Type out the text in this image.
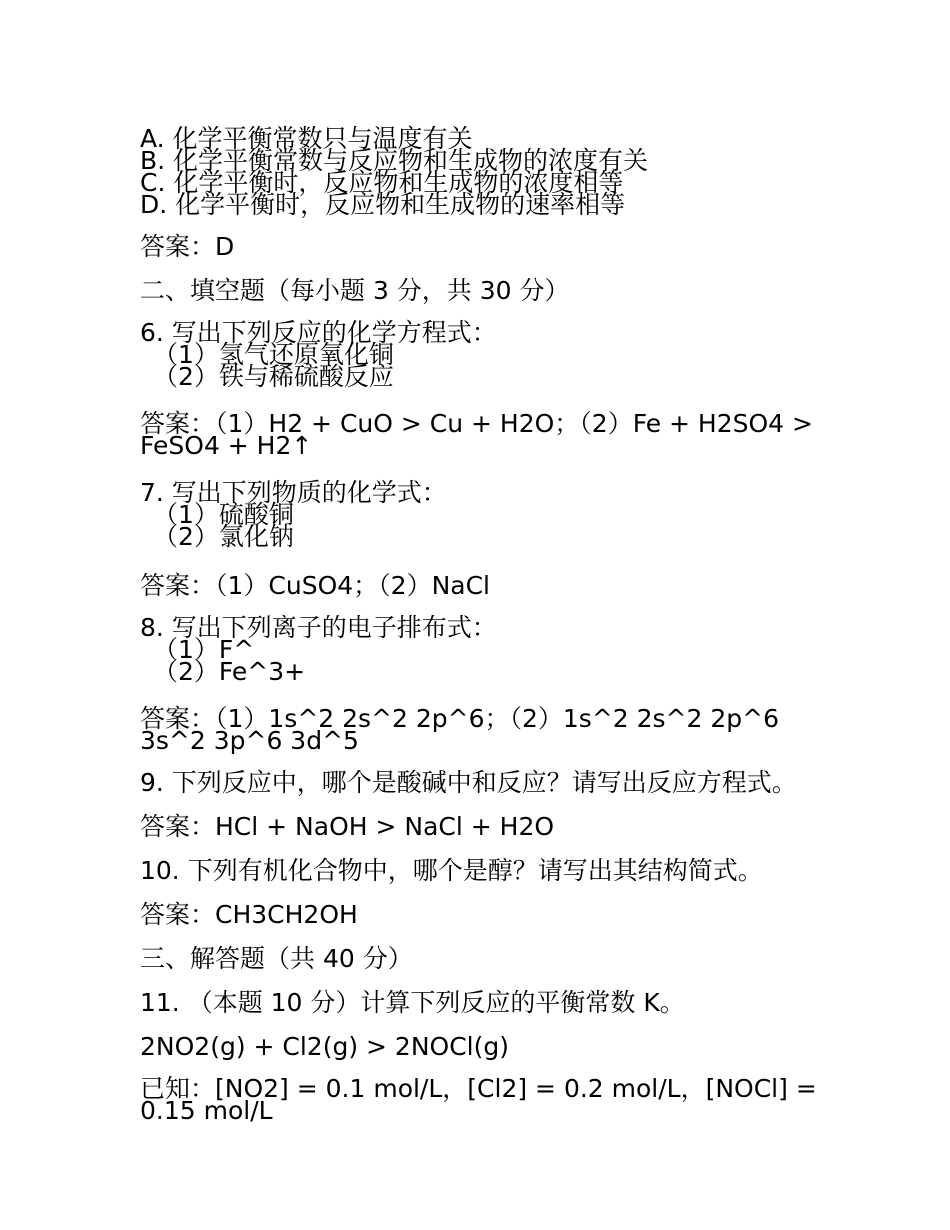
A. 化学平衡常数只与温度有关
B. 化学平衡常数与反应物和生成物的浓度有关
C. 化学平衡时，反应物和生成物的浓度相等
D. 化学平衡时，反应物和生成物的速率相等

答案：D

二、填空题（每小题 3 分，共 30 分）

6. 写出下列反应的化学方程式：
（1）氢气还原氧化铜
（2）铁与稀硫酸反应
答案：（1）H2 + CuO > Cu + H2O；（2）Fe + H2SO4 >
FeSO4 + H2↑
7. 写出下列物质的化学式：
（1）硫酸铜
（2）氯化钠

答案：（1）CuSO4；（2）NaCl

8. 写出下列离子的电子排布式：
（1）F^
（2）Fe^3+
答案：（1）1s^2 2s^2 2p^6；（2）1s^2 2s^2 2p^6
3s^2 3p^6 3d^5

9. 下列反应中，哪个是酸碱中和反应？请写出反应方程式。

答案：HCl + NaOH > NaCl + H2O

10. 下列有机化合物中，哪个是醇？请写出其结构简式。

答案：CH3CH2OH

三、解答题（共 40 分）

11. （本题 10 分）计算下列反应的平衡常数 K。

2NO2(g) + Cl2(g) > 2NOCl(g)

已知：[NO2] = 0.1 mol/L，[Cl2] = 0.2 mol/L，[NOCl] =
0.15 mol/L
